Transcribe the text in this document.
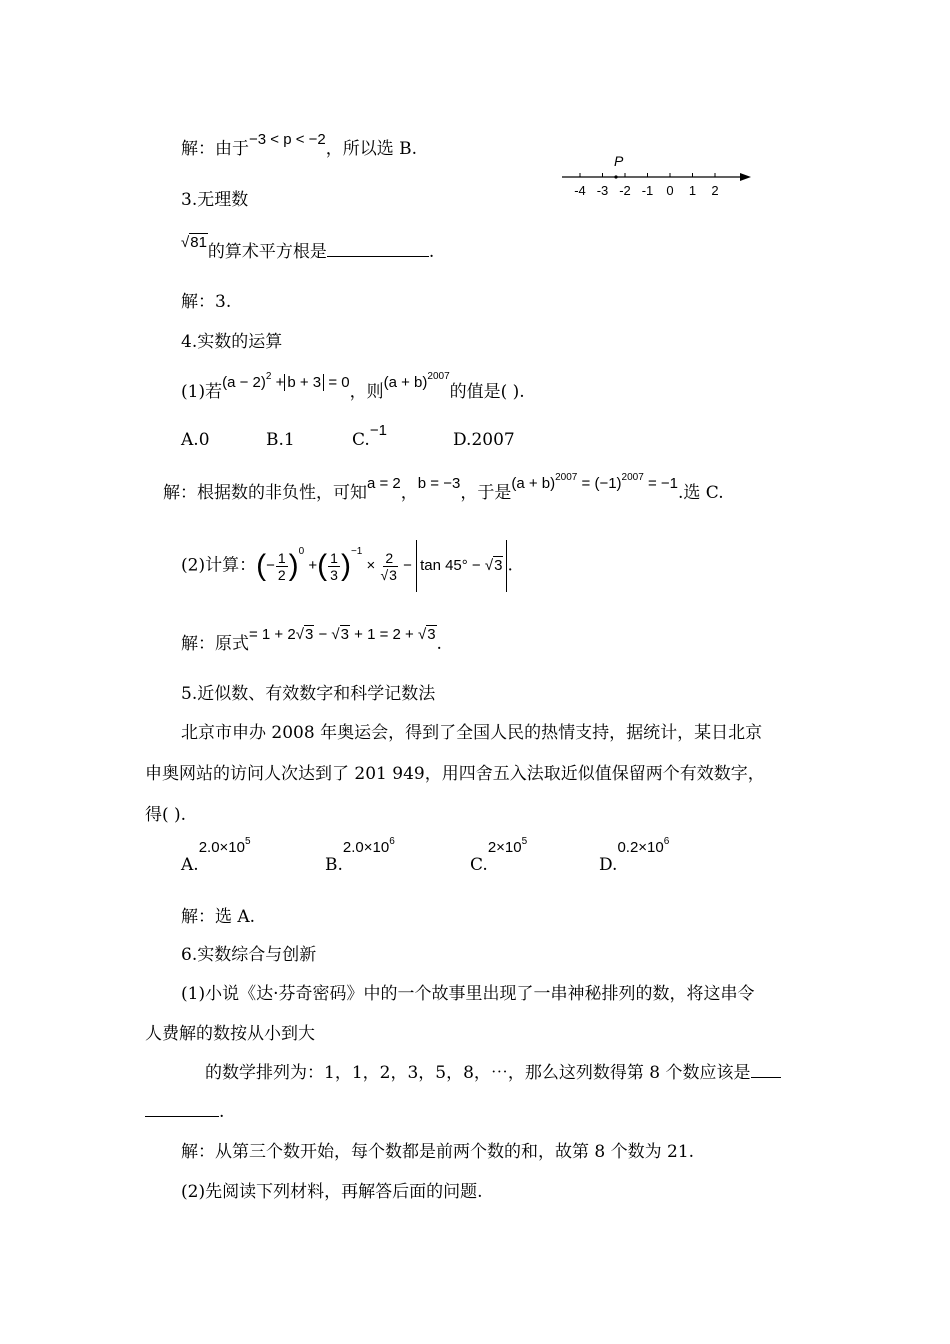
解：由于−3 < p < −2，所以选 B.
-4 -3 -2 -1 0 1 2
P
3.无理数
√81的算术平方根是	.
解：3.
4.实数的运算
(1)若$(a - 2)^2 + b + 3 = 0$，则$(a + b)^{2007}$的值是( ).
A.0	B.1	C.−1	D.2007
解：根据数的非负性，可知a = 2，b = −3，于是$(a + b)^{2007} = (-1)^{2007} = -1$.选 C.
(2)计算： ( − $\frac{1}{2}$ ) 0

+ ( $\frac{1}{3}$ ) −1

×
$\frac{2}{√3}$
−
tan 45° − √3 .
解：原式= 1 + 2√3 − √3 + 1 = 2 + √3.
5.近似数、有效数字和科学记数法
北京市申办 2008 年奥运会，得到了全国人民的热情支持，据统计，某日北京
申奥网站的访问人次达到了 201 949，用四舍五入法取近似值保留两个有效数字，
得( ).
$A.2.0\times 10^5$
$B.2.0\times 10^6$
$C.2\times 10^5$
$D.0.2\times 10^6$
解：选 A.
6.实数综合与创新
(1)小说《达·芬奇密码》中的一个故事里出现了一串神秘排列的数，将这串令
人费解的数按从小到大
的数学排列为：1，1，2，3，5，8，⋯，那么这列数得第 8 个数应该是
.
解：从第三个数开始，每个数都是前两个数的和，故第 8 个数为 21.
(2)先阅读下列材料，再解答后面的问题.
